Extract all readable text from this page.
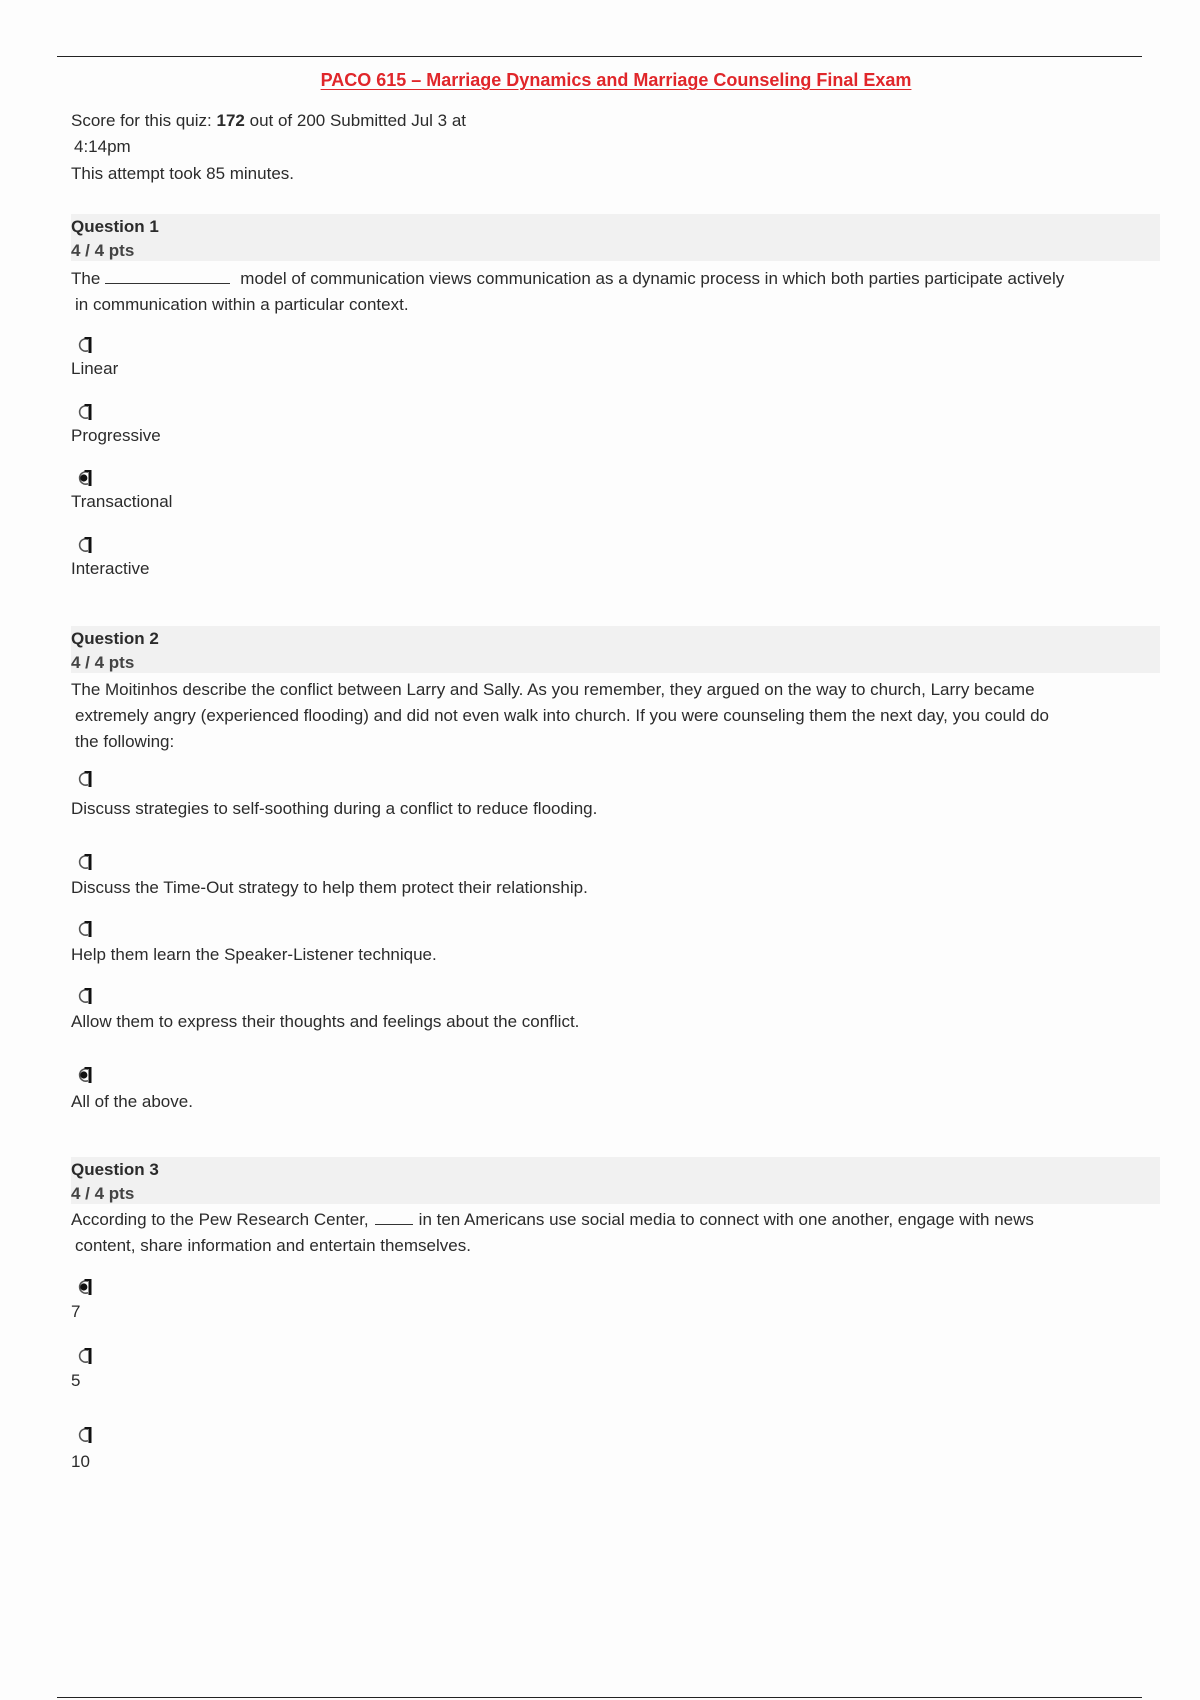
PACO 615 – Marriage Dynamics and Marriage Counseling Final Exam
Score for this quiz: 172 out of 200 Submitted Jul 3 at
4:14pm
This attempt took 85 minutes.
Question 1
4 / 4 pts
The	model of communication views communication as a dynamic process in which both parties participate actively
in communication within a particular context.
Linear
Progressive
Transactional
Interactive
Question 2
4 / 4 pts
The Moitinhos describe the conflict between Larry and Sally. As you remember, they argued on the way to church, Larry became
extremely angry (experienced flooding) and did not even walk into church. If you were counseling them the next day, you could do
the following:
Discuss strategies to self-soothing during a conflict to reduce flooding.
Discuss the Time-Out strategy to help them protect their relationship.
Help them learn the Speaker-Listener technique.
Allow them to express their thoughts and feelings about the conflict.
All of the above.
Question 3
4 / 4 pts
According to the Pew Research Center,	in ten Americans use social media to connect with one another, engage with news
content, share information and entertain themselves.
7
5
10
